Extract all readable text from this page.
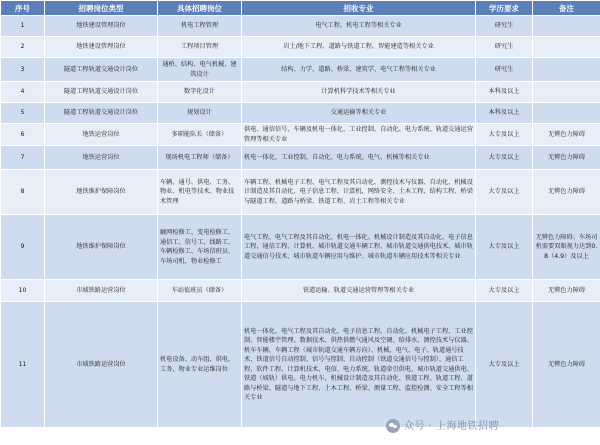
序号	招聘岗位类型	具体招聘岗位	招收专业	学历要求	备注
1	地铁建设管理岗位	机电工程管理	电气工程、机电工程等相关专业	研究生	
2	地铁建设管理岗位	工程项目管理	岩土/地下工程、道路与铁道工程、智能建造等相关专业	研究生	
3	隧道工程轨道交通设计岗位	通桥、结构、电气机械、建筑设计	结构、力学、道路、桥梁、建筑学、电气工程等相关专业	研究生	
4	隧道工程轨道交通设计岗位	数字化设计	计算机科学技术等相关专业	本科及以上	
5	隧道工程轨道交通设计岗位	规划设计	交通运输等相关专业	本科及以上	
6	地铁运营岗位	多职能队长（储备）	供电、通信信号、车辆及机电一体化、工业控制、自动化、电力系统、轨道交通运营管理等相关专业	大专及以上	无辨色力障碍
7	地铁运营岗位	现场机电工程师（储备）	机电一体化、工业控制、自动化、电力系统、电气、机械等相关专业	大专及以上	无辨色力障碍
8	地铁维护保障岗位	车辆、通号、供电、工务、物业、机电等技术、物业技术管理	车辆工程、机械电子工程、电气工程及其自动化、测控技术与仪器、自动化、机械设计制造及其自动化、电子信息工程、计算机、网络安全、土木工程、结构工程、桥梁与隧道工程、道路与桥梁、铁道工程、岩土工程等相关专业	大专及以上	无辨色力障碍
9	地铁维护保障岗位	触网检修工、变电检修工、通信工、信号工、线路工、车辆检修工、车场信班员、车场司机、物业检修工	电气工程、电气工程及其自动化、机电一体化、机械设计制造及其自动化、电子信息工程、通信工程、计算机、城市轨道交通车辆工程、城市轨道交通供电技术、城市轨道交通信号技术、城市轨道车辆应用与维护、城市轨道车辆应用技术等相关专业	大专及以上	无辨色力障碍；车场司机需要双眼视力达到0.8（4.9）及以上
10	市域铁路运营岗位	车站值班员（储备）	铁道运输、轨道交通运营管理等相关专业	大专及以上	无辨色力障碍
11	市域铁路运营岗位	机电设备、动车组、供电、工务、物业专业运维岗位	机电一体化、电气工程及其自动化、电子信息工程、自动化、机械电子工程、工业控制、智能楼宇管理、数据技术、供热供燃气通风及空调、给排水、测控技术与仪器、机车车辆、车辆工程（城市轨道交通车辆方向）、机械、电气、电子、轨道通号技术、铁道信号自动控制、信号与控制、自动控制（铁道交通信号与控制）、通信工程、软件工程、计算机技术、电信、电力系统、轨道牵引供电、城市轨道交通供电、铁道（城轨）供电、电力机车、机械设计制造及其自动化、铁道工程、轨道工程、道路与桥梁、隧道与地下工程、土木工程、桥梁、测量工程、监控检测、安全工程等相关专业	大专及以上	无辨色力障碍
众号 · 上海地铁招聘
